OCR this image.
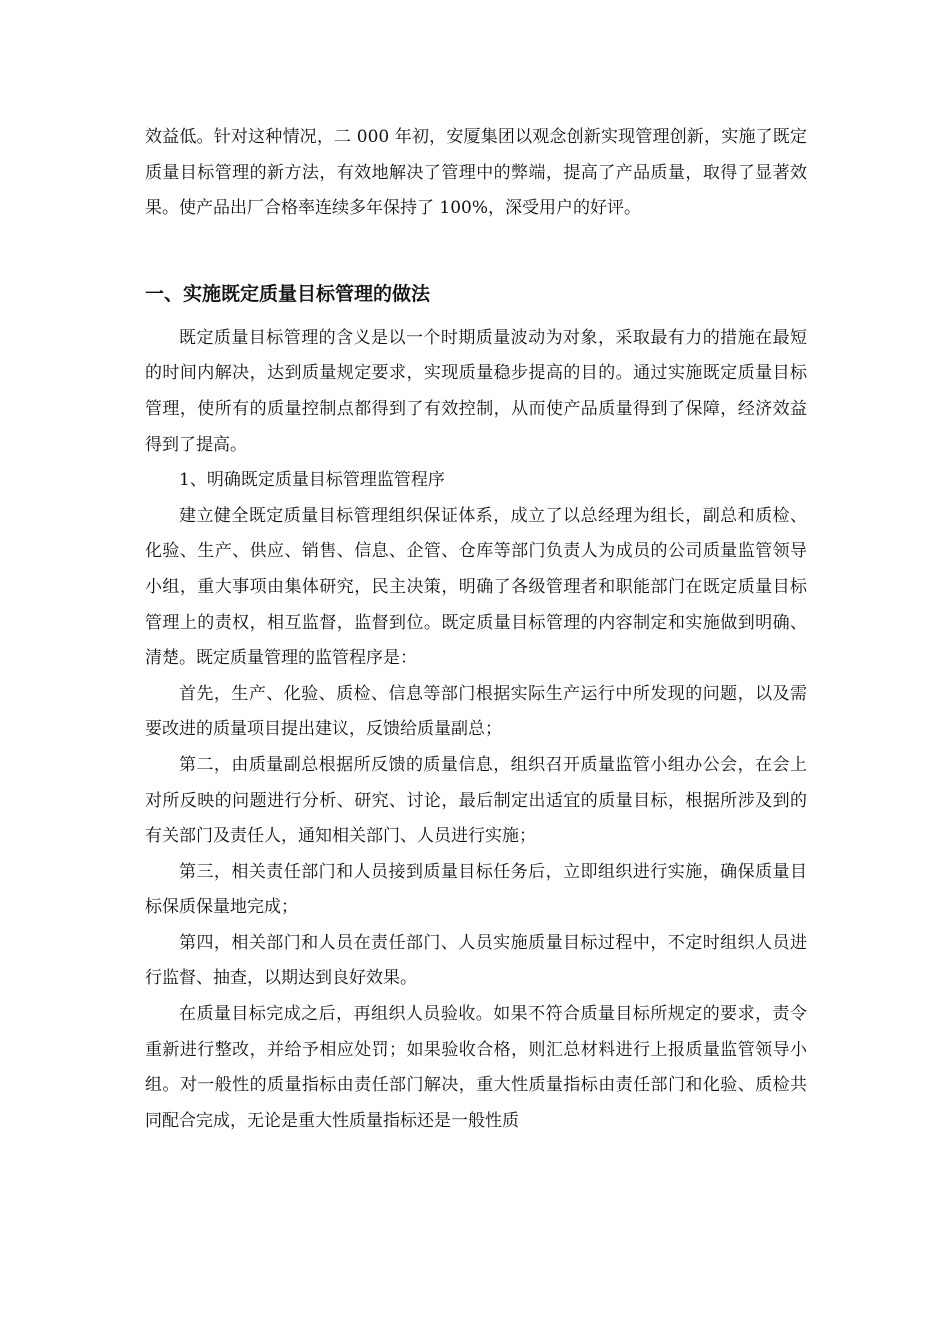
效益低。针对这种情况，二 000 年初，安厦集团以观念创新实现管理创新，实施了既定质量目标管理的新方法，有效地解决了管理中的弊端，提高了产品质量，取得了显著效果。使产品出厂合格率连续多年保持了 100%，深受用户的好评。

一、实施既定质量目标管理的做法

既定质量目标管理的含义是以一个时期质量波动为对象，采取最有力的措施在最短的时间内解决，达到质量规定要求，实现质量稳步提高的目的。通过实施既定质量目标管理，使所有的质量控制点都得到了有效控制，从而使产品质量得到了保障，经济效益得到了提高。

1、明确既定质量目标管理监管程序

建立健全既定质量目标管理组织保证体系，成立了以总经理为组长，副总和质检、化验、生产、供应、销售、信息、企管、仓库等部门负责人为成员的公司质量监管领导小组，重大事项由集体研究，民主决策，明确了各级管理者和职能部门在既定质量目标管理上的责权，相互监督，监督到位。既定质量目标管理的内容制定和实施做到明确、清楚。既定质量管理的监管程序是：

首先，生产、化验、质检、信息等部门根据实际生产运行中所发现的问题，以及需要改进的质量项目提出建议，反馈给质量副总；

第二，由质量副总根据所反馈的质量信息，组织召开质量监管小组办公会，在会上对所反映的问题进行分析、研究、讨论，最后制定出适宜的质量目标，根据所涉及到的有关部门及责任人，通知相关部门、人员进行实施；

第三，相关责任部门和人员接到质量目标任务后，立即组织进行实施，确保质量目标保质保量地完成；

第四，相关部门和人员在责任部门、人员实施质量目标过程中，不定时组织人员进行监督、抽查，以期达到良好效果。

在质量目标完成之后，再组织人员验收。如果不符合质量目标所规定的要求，责令重新进行整改，并给予相应处罚；如果验收合格，则汇总材料进行上报质量监管领导小组。对一般性的质量指标由责任部门解决，重大性质量指标由责任部门和化验、质检共同配合完成，无论是重大性质量指标还是一般性质
